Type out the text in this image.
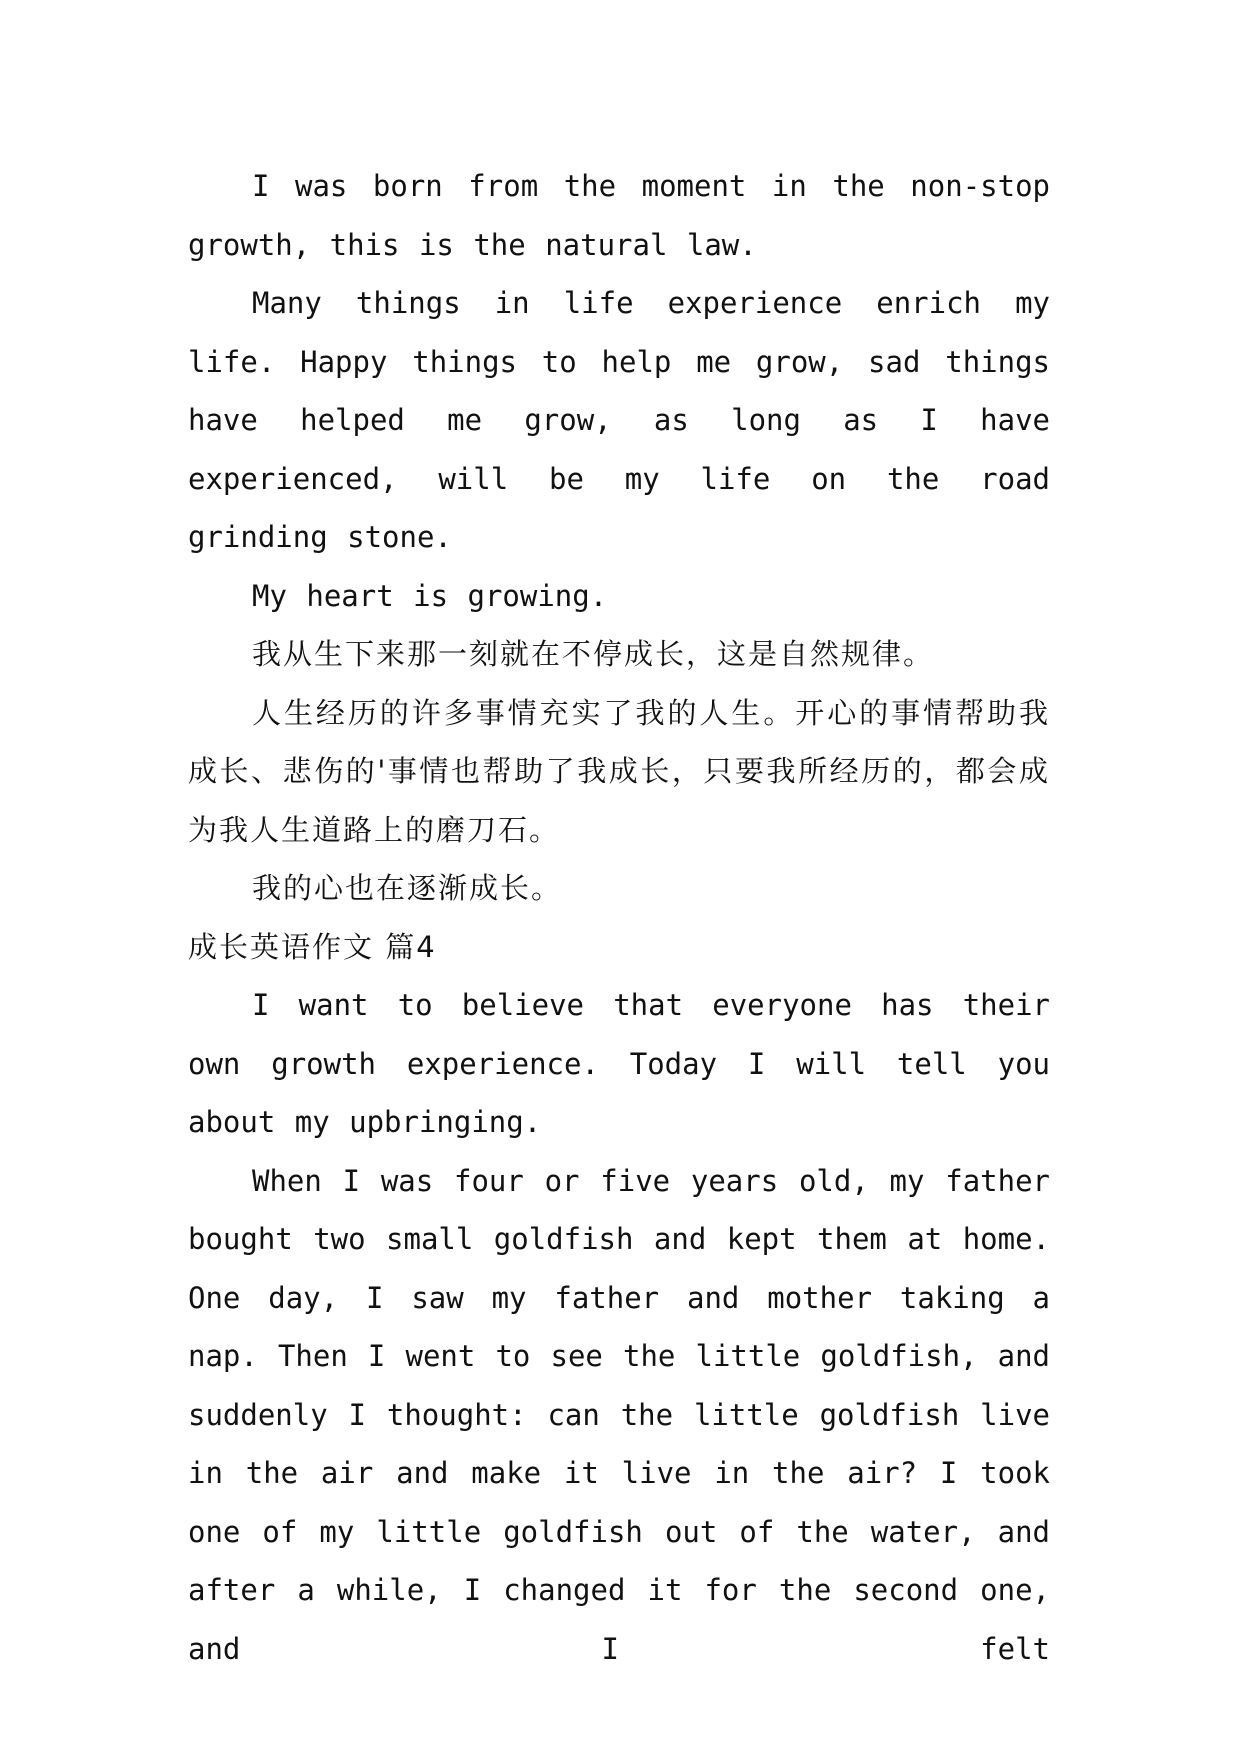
I was born from the moment in the non-stop growth, this is the natural law.

Many things in life experience enrich my life. Happy things to help me grow, sad things have helped me grow, as long as I have experienced, will be my life on the road grinding stone.

My heart is growing.

我从生下来那一刻就在不停成长，这是自然规律。

人生经历的许多事情充实了我的人生。开心的事情帮助我成长、悲伤的'事情也帮助了我成长，只要我所经历的，都会成为我人生道路上的磨刀石。

我的心也在逐渐成长。

成长英语作文 篇4

I want to believe that everyone has their own growth experience. Today I will tell you about my upbringing.

When I was four or five years old, my father bought two small goldfish and kept them at home. One day, I saw my father and mother taking a nap. Then I went to see the little goldfish, and suddenly I thought: can the little goldfish live in the air and make it live in the air? I took one of my little goldfish out of the water, and after a while, I changed it for the second one, and I felt
